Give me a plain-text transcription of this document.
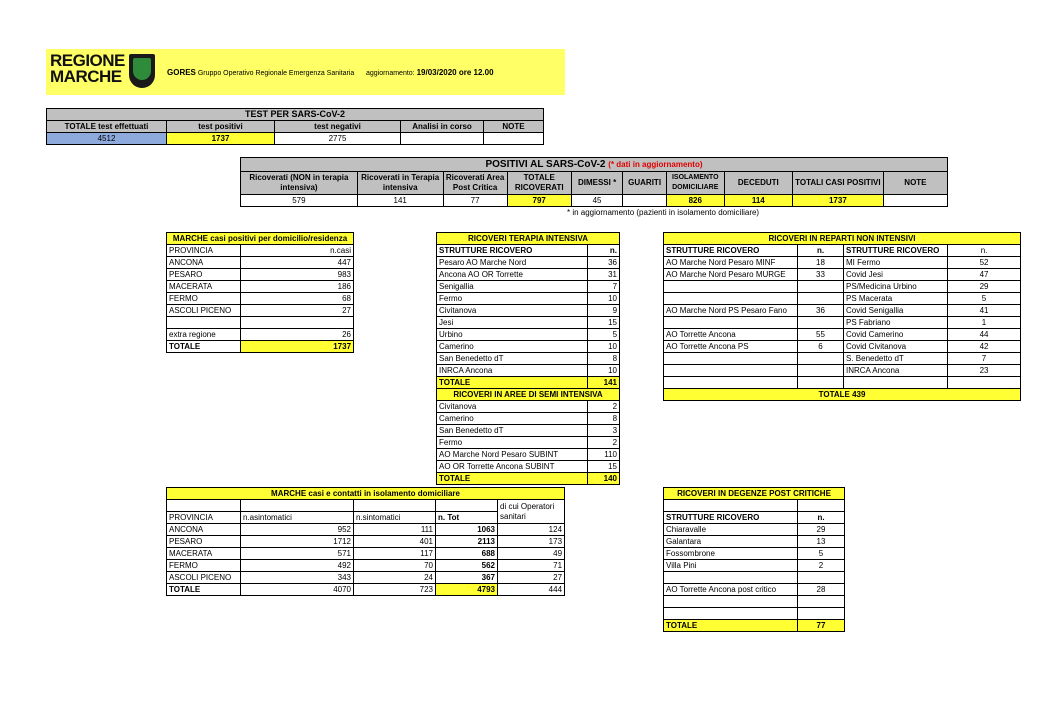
REGIONE
MARCHE	GORES Gruppo Operativo Regionale Emergenza Sanitaria aggiornamento: 19/03/2020 ore 12.00
TEST PER SARS-CoV-2				
TOTALE test effettuati	test positivi	test negativi	Analisi in corso	NOTE
4512	1737	2775		
POSITIVI AL SARS-CoV-2 (* dati in aggiornamento)									
Ricoverati (NON in terapia intensiva)	Ricoverati in Terapia intensiva	Ricoverati Area Post Critica	TOTALE RICOVERATI	DIMESSI *	GUARITI	ISOLAMENTO DOMICILIARE	DECEDUTI	TOTALI CASI POSITIVI	NOTE
579	141	77	797	45		826	114	1737	
* in aggiornamento (pazienti in isolamento domiciliare)
MARCHE casi positivi per domicilio/residenza	
PROVINCIA	n.casi
ANCONA	447
PESARO	983
MACERATA	186
FERMO	68
ASCOLI PICENO	27

extra regione	26
TOTALE	1737
RICOVERI TERAPIA INTENSIVA	
STRUTTURE RICOVERO	n.
Pesaro AO Marche Nord	36
Ancona AO OR Torrette	31
Senigallia	7
Fermo	10
Civitanova	9
Jesi	15
Urbino	5
Camerino	10
San Benedetto dT	8
INRCA Ancona	10
TOTALE	141
RICOVERI IN AREE DI SEMI INTENSIVA	
Civitanova	2
Camerino	8
San Benedetto dT	3
Fermo	2
AO Marche Nord Pesaro SUBINT	110
AO OR Torrette Ancona SUBINT	15
TOTALE	140
RICOVERI IN REPARTI NON INTENSIVI			
STRUTTURE RICOVERO	n.	STRUTTURE RICOVERO	n.
AO Marche Nord Pesaro MINF	18	MI Fermo	52
AO Marche Nord Pesaro MURGE	33	Covid Jesi	47
		PS/Medicina Urbino	29
		PS Macerata	5
AO Marche Nord PS Pesaro Fano	36	Covid Senigallia	41
		PS Fabriano	1
AO Torrette Ancona	55	Covid Camerino	44
AO Torrette Ancona PS	6	Covid Civitanova	42
		S. Benedetto dT	7
		INRCA Ancona	23

TOTALE 439			
MARCHE casi e contatti in isolamento domiciliare				
				di cui Operatori sanitari
PROVINCIA	n.asintomatici	n.sintomatici	n. Tot	
ANCONA	952	111	1063	124
PESARO	1712	401	2113	173
MACERATA	571	117	688	49
FERMO	492	70	562	71
ASCOLI PICENO	343	24	367	27
TOTALE	4070	723	4793	444
RICOVERI IN DEGENZE POST CRITICHE	

STRUTTURE RICOVERO	n.
Chiaravalle	29
Galantara	13
Fossombrone	5
Villa Pini	2

AO Torrette Ancona post critico	28

TOTALE	77
